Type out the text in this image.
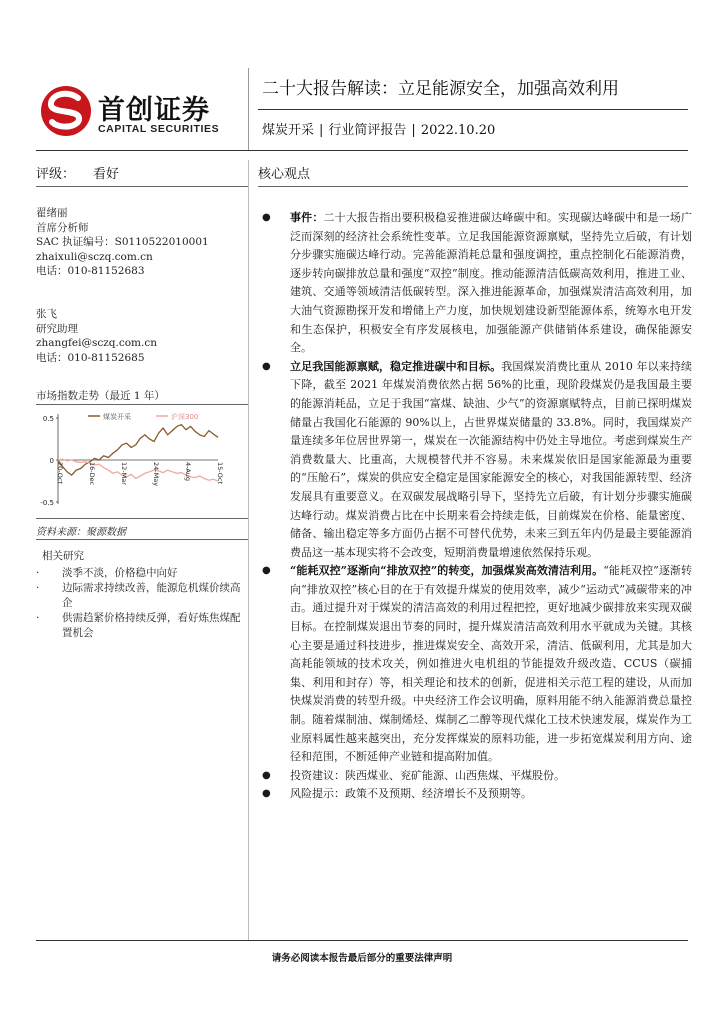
首创证券
CAPITAL SECURITIES
二十大报告解读：立足能源安全，加强高效利用
煤炭开采 | 行业简评报告 | 2022.10.20
评级： 看好	核心观点
翟绪丽
首席分析师
SAC 执证编号：S0110522010001
zhaixuli@sczq.com.cn
电话：010-81152683
张飞
研究助理
zhangfei@sczq.com.cn
电话：010-81152685
市场指数走势（最近 1 年）
0.5
0
-0.5
煤炭开采	沪深300
20-Oct	16-Dec	12-Mar	24-May	4-Aug	15-Oct
资料来源：聚源数据
相关研究
· 淡季不淡，价格稳中向好
· 边际需求持续改善，能源危机煤价续高企
· 供需趋紧价格持续反弹，看好炼焦煤配置机会
● 事件：二十大报告指出要积极稳妥推进碳达峰碳中和。实现碳达峰碳中和是一场广泛而深刻的经济社会系统性变革。立足我国能源资源禀赋，坚持先立后破，有计划分步骤实施碳达峰行动。完善能源消耗总量和强度调控，重点控制化石能源消费，逐步转向碳排放总量和强度“双控”制度。推动能源清洁低碳高效利用，推进工业、建筑、交通等领域清洁低碳转型。深入推进能源革命，加强煤炭清洁高效利用，加大油气资源勘探开发和增储上产力度，加快规划建设新型能源体系，统筹水电开发和生态保护，积极安全有序发展核电，加强能源产供储销体系建设，确保能源安全。
● 立足我国能源禀赋，稳定推进碳中和目标。我国煤炭消费比重从 2010 年以来持续下降，截至 2021 年煤炭消费依然占据 56%的比重，现阶段煤炭仍是我国最主要的能源消耗品，立足于我国“富煤、缺油、少气”的资源禀赋特点，目前已探明煤炭储量占我国化石能源的 90%以上，占世界煤炭储量的 33.8%。同时，我国煤炭产量连续多年位居世界第一，煤炭在一次能源结构中仍处主导地位。考虑到煤炭生产消费数量大、比重高，大规模替代并不容易。未来煤炭依旧是国家能源最为重要的“压舱石”，煤炭的供应安全稳定是国家能源安全的核心，对我国能源转型、经济发展具有重要意义。在双碳发展战略引导下，坚持先立后破，有计划分步骤实施碳达峰行动。煤炭消费占比在中长期来看会持续走低，目前煤炭在价格、能量密度、储备、输出稳定等多方面仍占据不可替代优势，未来三到五年内仍是最主要能源消费品这一基本现实将不会改变，短期消费量增速依然保持乐观。
● “能耗双控”逐渐向“排放双控”的转变，加强煤炭高效清洁利用。“能耗双控”逐渐转向“排放双控”核心目的在于有效提升煤炭的使用效率，减少“运动式”减碳带来的冲击。通过提升对于煤炭的清洁高效的利用过程把控，更好地减少碳排放来实现双碳目标。在控制煤炭退出节奏的同时，提升煤炭清洁高效利用水平就成为关键。其核心主要是通过科技进步，推进煤炭安全、高效开采，清洁、低碳利用，尤其是加大高耗能领域的技术攻关，例如推进火电机组的节能提效升级改造、CCUS（碳捕集、利用和封存）等，相关理论和技术的创新，促进相关示范工程的建设，从而加快煤炭消费的转型升级。中央经济工作会议明确，原料用能不纳入能源消费总量控制。随着煤制油、煤制烯烃、煤制乙二醇等现代煤化工技术快速发展，煤炭作为工业原料属性越来越突出，充分发挥煤炭的原料功能，进一步拓宽煤炭利用方向、途径和范围，不断延伸产业链和提高附加值。
● 投资建议：陕西煤业、兖矿能源、山西焦煤、平煤股份。
● 风险提示：政策不及预期、经济增长不及预期等。
请务必阅读本报告最后部分的重要法律声明
